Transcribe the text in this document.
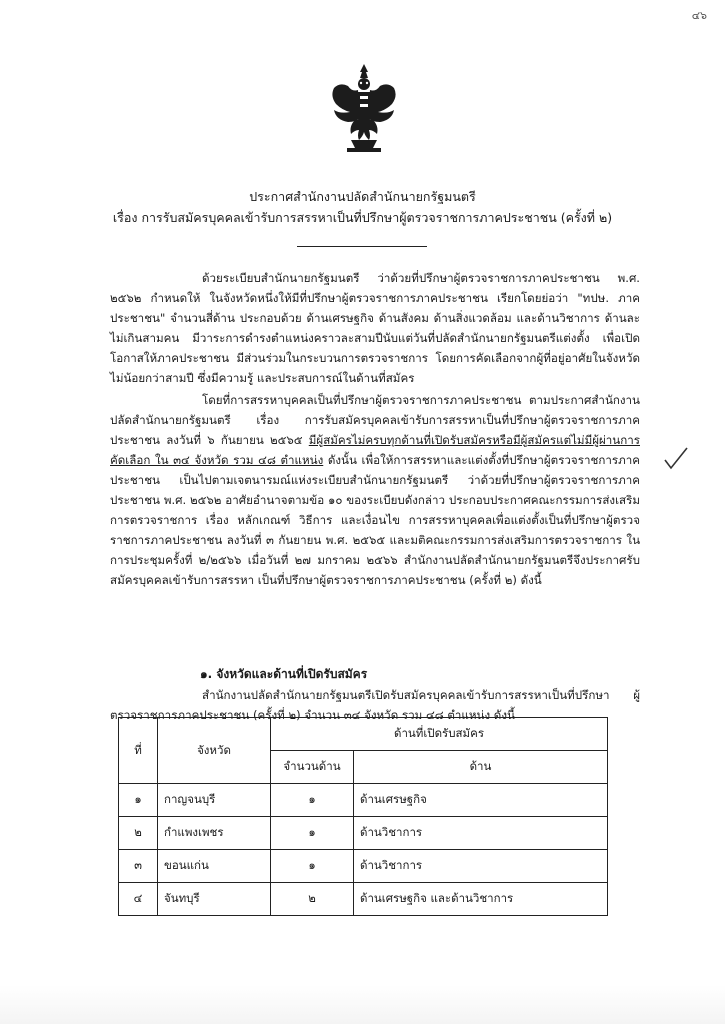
๔๖
ประกาศสำนักงานปลัดสำนักนายกรัฐมนตรี
เรื่อง การรับสมัครบุคคลเข้ารับการสรรหาเป็นที่ปรึกษาผู้ตรวจราชการภาคประชาชน (ครั้งที่ ๒)

ด้วยระเบียบสำนักนายกรัฐมนตรี ว่าด้วยที่ปรึกษาผู้ตรวจราชการภาคประชาชน พ.ศ. ๒๕๖๒ กำหนดให้ ในจังหวัดหนึ่งให้มีที่ปรึกษาผู้ตรวจราชการภาคประชาชน เรียกโดยย่อว่า "ทปษ. ภาคประชาชน" จำนวนสี่ด้าน ประกอบด้วย ด้านเศรษฐกิจ ด้านสังคม ด้านสิ่งแวดล้อม และด้านวิชาการ ด้านละไม่เกินสามคน มีวาระการดำรงตำแหน่งคราวละสามปีนับแต่วันที่ปลัดสำนักนายกรัฐมนตรีแต่งตั้ง เพื่อเปิดโอกาสให้ภาคประชาชน มีส่วนร่วมในกระบวนการตรวจราชการ โดยการคัดเลือกจากผู้ที่อยู่อาศัยในจังหวัดไม่น้อยกว่าสามปี ซึ่งมีความรู้ และประสบการณ์ในด้านที่สมัคร

โดยที่การสรรหาบุคคลเป็นที่ปรึกษาผู้ตรวจราชการภาคประชาชน ตามประกาศสำนักงานปลัดสำนักนายกรัฐมนตรี เรื่อง การรับสมัครบุคคลเข้ารับการสรรหาเป็นที่ปรึกษาผู้ตรวจราชการภาคประชาชน ลงวันที่ ๖ กันยายน ๒๕๖๕ มีผู้สมัครไม่ครบทุกด้านที่เปิดรับสมัครหรือมีผู้สมัครแต่ไม่มีผู้ผ่านการคัดเลือก ใน ๓๔ จังหวัด รวม ๔๘ ตำแหน่ง ดังนั้น เพื่อให้การสรรหาและแต่งตั้งที่ปรึกษาผู้ตรวจราชการภาคประชาชน เป็นไปตามเจตนารมณ์แห่งระเบียบสำนักนายกรัฐมนตรี ว่าด้วยที่ปรึกษาผู้ตรวจราชการภาคประชาชน พ.ศ. ๒๕๖๒ อาศัยอำนาจตามข้อ ๑๐ ของระเบียบดังกล่าว ประกอบประกาศคณะกรรมการส่งเสริมการตรวจราชการ เรื่อง หลักเกณฑ์ วิธีการ และเงื่อนไข การสรรหาบุคคลเพื่อแต่งตั้งเป็นที่ปรึกษาผู้ตรวจราชการภาคประชาชน ลงวันที่ ๓ กันยายน พ.ศ. ๒๕๖๕ และมติคณะกรรมการส่งเสริมการตรวจราชการ ในการประชุมครั้งที่ ๒/๒๕๖๖ เมื่อวันที่ ๒๗ มกราคม ๒๕๖๖ สำนักงานปลัดสำนักนายกรัฐมนตรีจึงประกาศรับสมัครบุคคลเข้ารับการสรรหา เป็นที่ปรึกษาผู้ตรวจราชการภาคประชาชน (ครั้งที่ ๒) ดังนี้

๑. จังหวัดและด้านที่เปิดรับสมัคร

สำนักงานปลัดสำนักนายกรัฐมนตรีเปิดรับสมัครบุคคลเข้ารับการสรรหาเป็นที่ปรึกษา ผู้ตรวจราชการภาคประชาชน (ครั้งที่ ๒) จำนวน ๓๔ จังหวัด รวม ๔๘ ตำแหน่ง ดังนี้

ที่	จังหวัด	ด้านที่เปิดรับสมัคร	
		จำนวนด้าน	ด้าน
๑	กาญจนบุรี	๑	ด้านเศรษฐกิจ
๒	กำแพงเพชร	๑	ด้านวิชาการ
๓	ขอนแก่น	๑	ด้านวิชาการ
๔	จันทบุรี	๒	ด้านเศรษฐกิจ และด้านวิชาการ
